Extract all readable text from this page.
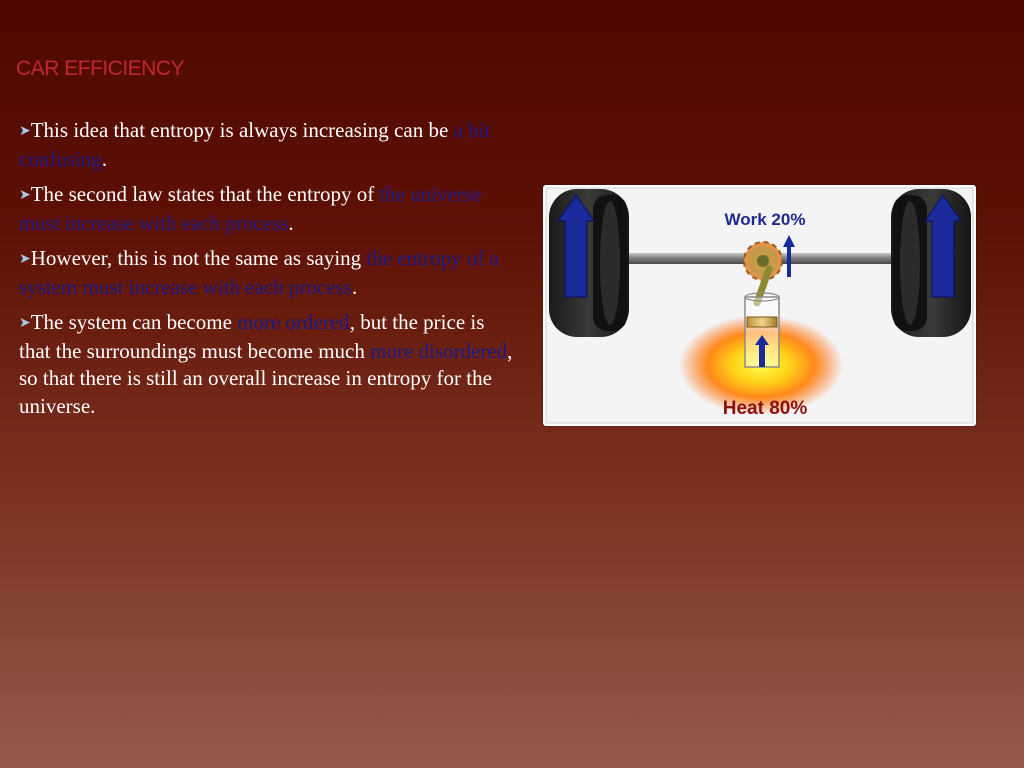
CAR EFFICIENCY

➤This idea that entropy is always increasing can be a bit confusing.

➤The second law states that the entropy of the universe must increase with each process.

➤However, this is not the same as saying the entropy of a system must increase with each process.

➤The system can become more ordered, but the price is that the surroundings must become much more disordered, so that there is still an overall increase in entropy for the universe.

Work 20%
Heat 80%
